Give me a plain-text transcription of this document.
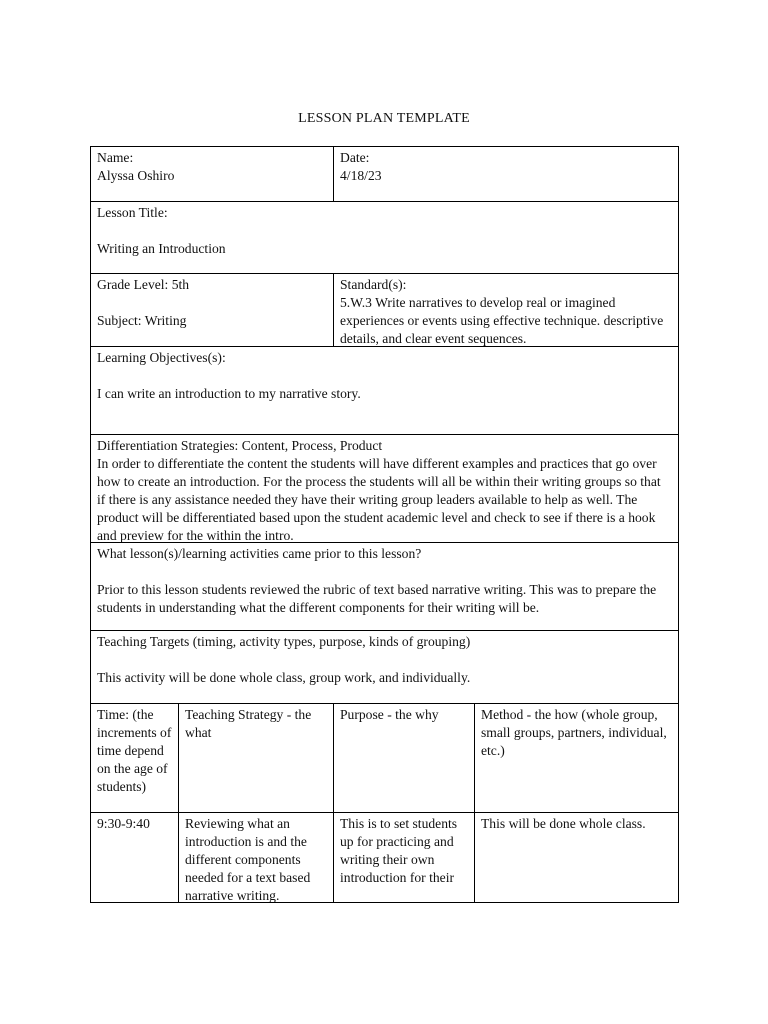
LESSON PLAN TEMPLATE

Name:

Alyssa Oshiro

Date:

4/18/23

Lesson Title:

Writing an Introduction

Grade Level: 5th

Subject: Writing

Standard(s):

5.W.3 Write narratives to develop real or imagined experiences or events using effective technique. descriptive details, and clear event sequences.

Learning Objectives(s):

I can write an introduction to my narrative story.

Differentiation Strategies: Content, Process, Product

In order to differentiate the content the students will have different examples and practices that go over how to create an introduction. For the process the students will all be within their writing groups so that if there is any assistance needed they have their writing group leaders available to help as well. The product will be differentiated based upon the student academic level and check to see if there is a hook and preview for the within the intro.

What lesson(s)/learning activities came prior to this lesson?

Prior to this lesson students reviewed the rubric of text based narrative writing. This was to prepare the students in understanding what the different components for their writing will be.

Teaching Targets (timing, activity types, purpose, kinds of grouping)

This activity will be done whole class, group work, and individually.

Time: (the increments of time depend on the age of students)

Teaching Strategy - the what

Purpose - the why	Method - the how (whole group, small groups, partners, individual, etc.)

9:30-9:40	Reviewing what an introduction is and the different components needed for a text based narrative writing.

This is to set students up for practicing and writing their own introduction for their

This will be done whole class.
